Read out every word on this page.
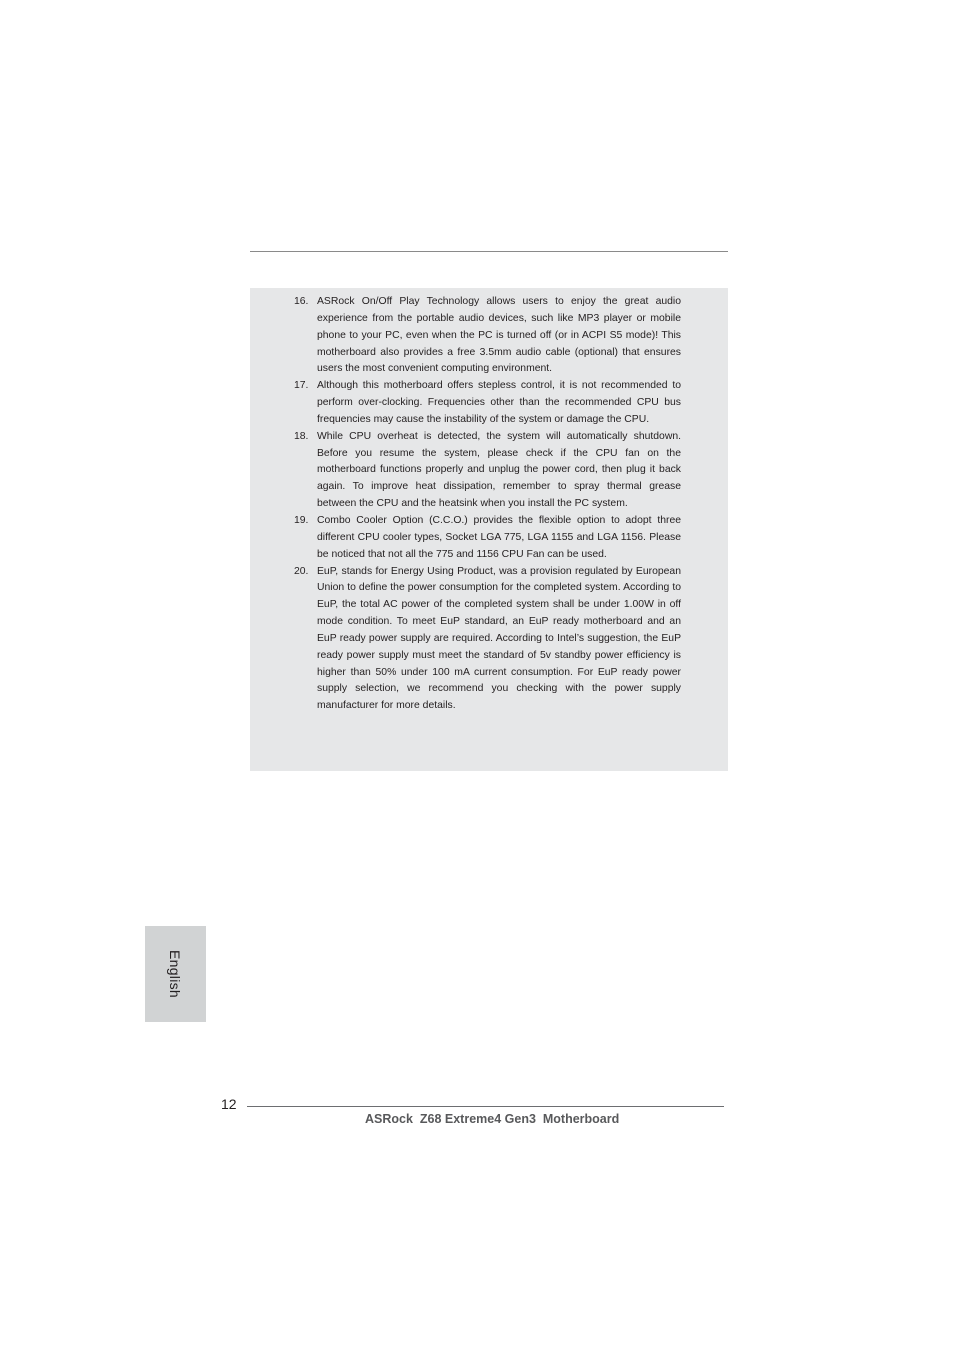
16. ASRock On/Off Play Technology allows users to enjoy the great audio experience from the portable audio devices, such like MP3 player or mobile phone to your PC, even when the PC is turned off (or in ACPI S5 mode)! This motherboard also provides a free 3.5mm audio cable (optional) that ensures users the most convenient computing environment.
17. Although this motherboard offers stepless control, it is not recommended to perform over-clocking. Frequencies other than the recommended CPU bus frequencies may cause the instability of the system or damage the CPU.
18. While CPU overheat is detected, the system will automatically shutdown. Before you resume the system, please check if the CPU fan on the motherboard functions properly and unplug the power cord, then plug it back again. To improve heat dissipation, remember to spray thermal grease between the CPU and the heatsink when you install the PC system.
19. Combo Cooler Option (C.C.O.) provides the flexible option to adopt three different CPU cooler types, Socket LGA 775, LGA 1155 and LGA 1156. Please be noticed that not all the 775 and 1156 CPU Fan can be used.
20. EuP, stands for Energy Using Product, was a provision regulated by European Union to define the power consumption for the completed system. According to EuP, the total AC power of the completed system shall be under 1.00W in off mode condition. To meet EuP standard, an EuP ready motherboard and an EuP ready power supply are required. According to Intel’s suggestion, the EuP ready power supply must meet the standard of 5v standby power efficiency is higher than 50% under 100 mA current consumption. For EuP ready power supply selection, we recommend you checking with the power supply manufacturer for more details.
English
12
ASRock  Z68 Extreme4 Gen3  Motherboard
